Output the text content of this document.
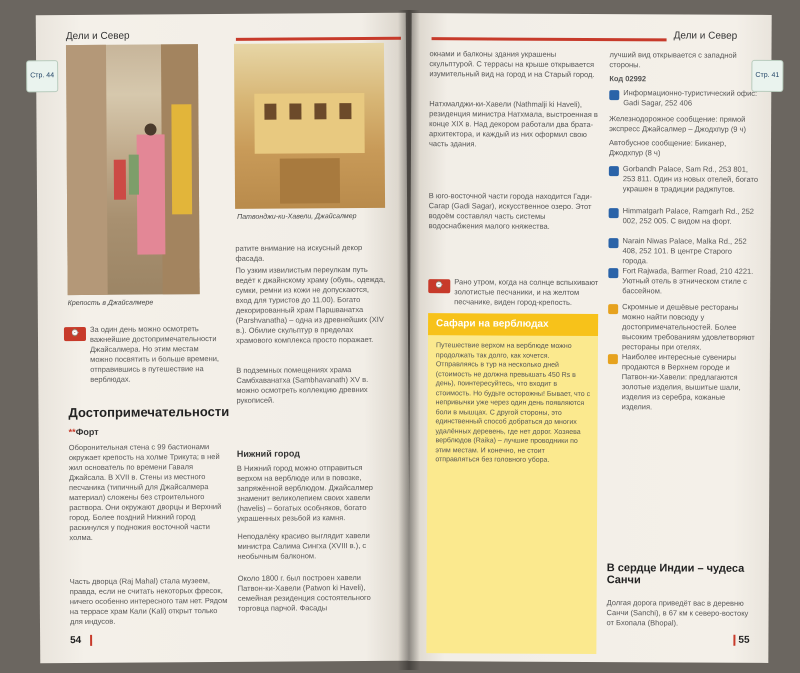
Дели и Север
Стр. 44
Крепость в Джайсалмере
Патвонджи-ки-Хавели, Джайсалмер
⌚	За один день можно осмотреть важнейшие достопримечательности Джайсалмера. Но этим местам можно посвятить и больше времени, отправившись в путешествие на верблюдах.
Достопримечательности
**Форт
Оборонительная стена с 99 бастионами окружает крепость на холме Трикута; в ней жил основатель по времени Гаваля Джайсала. В XVII в. Стены из местного песчаника (типичный для Джайсалмера материал) сложены без строительного раствора. Они окружают дворцы и Верхний город. Более поздний Нижний город раскинулся у подножия восточной части холма.
Часть дворца (Raj Mahal) стала музеем, правда, если не считать некоторых фресок, ничего особенно интересного там нет. Рядом на террасе храм Кали (Kali) открыт только для индусов.
ратите внимание на искусный декор фасада.
По узким извилистым переулкам путь ведёт к джайнскому храму (обувь, одежда, сумки, ремни из кожи не допускаются, вход для туристов до 11.00). Богато декорированный храм Паршванатха (Parshvanatha) – одна из древнейших (XIV в.). Обилие скульптур в пределах храмового комплекса просто поражает.
В подземных помещениях храма Самбхаванатха (Sambhavanath) XV в. можно осмотреть коллекцию древних рукописей.
Нижний город
В Нижний город можно отправиться верхом на верблюде или в повозке, запряжённой верблюдом. Джайсалмер знаменит великолепием своих хавели (havelis) – богатых особняков, богато украшенных резьбой из камня.
Неподалёку красиво выглядит хавели министра Салима Сингха (XVIII в.), с необычным балконом.
Около 1800 г. был построен хавели Патвон-ки-Хавели (Patwon ki Haveli), семейная резиденция состоятельного торговца парчой. Фасады
54
Дели и Север
Стр. 41
окнами и балконы здания украшены скульптурой. С террасы на крыше открывается изумительный вид на город и на Старый город.
Натхмалджи-ки-Хавели (Nathmalji ki Haveli), резиденция министра Натхмала, выстроенная в конце XIX в. Над декором работали два брата-архитектора, и каждый из них оформил свою часть здания.
В юго-восточной части города находится Гади-Сагар (Gadi Sagar), искусственное озеро. Этот водоём составлял часть системы водоснабжения малого княжества.
⌚	Рано утром, когда на солнце вспыхивают золотистые песчаники, и на желтом песчанике, виден город-крепость.
Сафари на верблюдах
Путешествие верхом на верблюде можно продолжать так долго, как хочется. Отправляясь в тур на несколько дней (стоимость не должна превышать 450 Rs в день), поинтересуйтесь, что входит в стоимость. Но будьте осторожны! Бывает, что с непривычки уже через один день появляются боли в мышцах. С другой стороны, это единственный способ добраться до многих удалённых деревень, где нет дорог. Хозяева верблюдов (Raika) – лучшие проводники по этим местам. И конечно, не стоит отправляться без головного убора.
лучший вид открывается с западной стороны.
Код 02992
Информационно-туристический офис: Gadi Sagar, 252 406
Железнодорожное сообщение: прямой экспресс Джайсалмер – Джодхпур (9 ч)
Автобусное сообщение: Биканер, Джодхпур (8 ч)
Gorbandh Palace, Sam Rd., 253 801, 253 811. Один из новых отелей, богато украшен в традиции раджпутов.
Himmatgarh Palace, Ramgarh Rd., 252 002, 252 005. С видом на форт.
Narain Niwas Palace, Malka Rd., 252 408, 252 101. В центре Старого города.
Fort Rajwada, Barmer Road, 210 4221. Уютный отель в этническом стиле с бассейном.
Скромные и дешёвые рестораны можно найти повсюду у достопримечательностей. Более высоким требованиям удовлетворяют рестораны при отелях.
Наиболее интересные сувениры продаются в Верхнем городе и Патвон-ки-Хавели: предлагаются золотые изделия, вышитые шали, изделия из серебра, кожаные изделия.
В сердце Индии – чудеса Санчи
Долгая дорога приведёт вас в деревню Санчи (Sanchi), в 67 км к северо-востоку от Бхопала (Bhopal).
55
